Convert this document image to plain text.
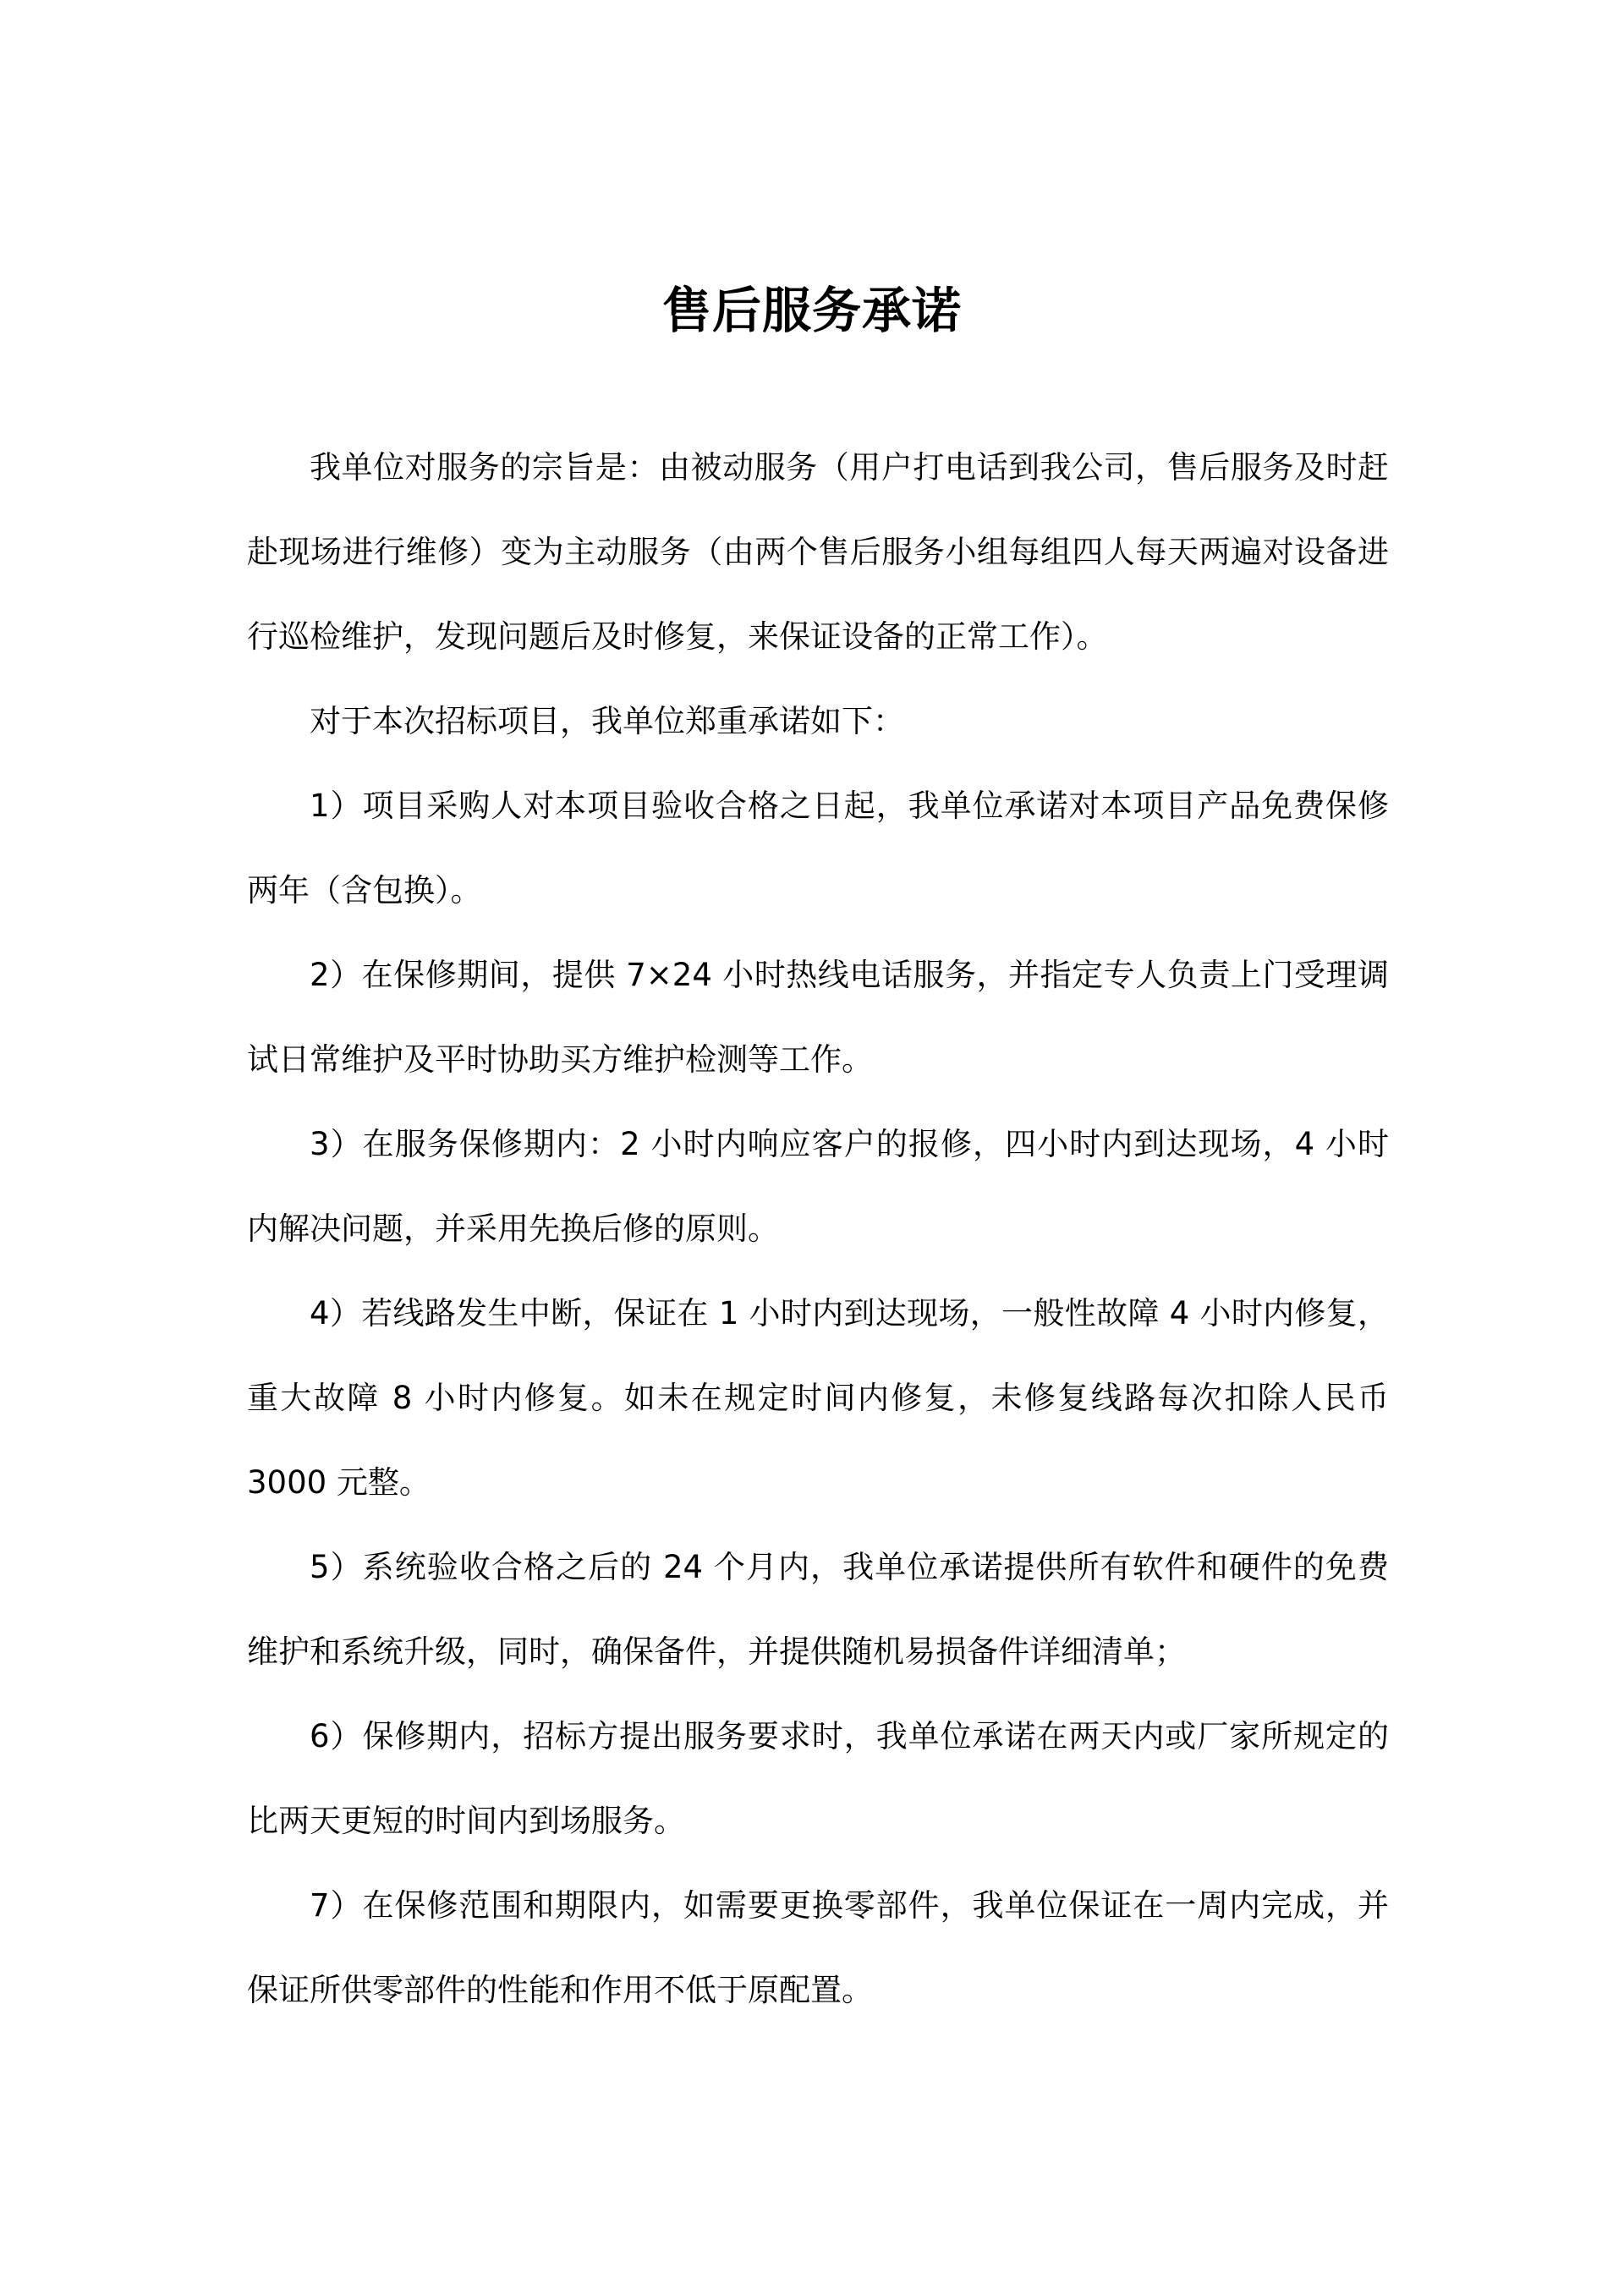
售后服务承诺

我单位对服务的宗旨是：由被动服务（用户打电话到我公司，售后服务及时赶赴现场进行维修）变为主动服务（由两个售后服务小组每组四人每天两遍对设备进行巡检维护，发现问题后及时修复，来保证设备的正常工作）。

对于本次招标项目，我单位郑重承诺如下：

1）项目采购人对本项目验收合格之日起，我单位承诺对本项目产品免费保修两年（含包换）。

2）在保修期间，提供 7×24 小时热线电话服务，并指定专人负责上门受理调试日常维护及平时协助买方维护检测等工作。

3）在服务保修期内：2 小时内响应客户的报修，四小时内到达现场，4 小时内解决问题，并采用先换后修的原则。

4）若线路发生中断，保证在 1 小时内到达现场，一般性故障 4 小时内修复，重大故障 8 小时内修复。如未在规定时间内修复，未修复线路每次扣除人民币 3000 元整。

5）系统验收合格之后的 24 个月内，我单位承诺提供所有软件和硬件的免费维护和系统升级，同时，确保备件，并提供随机易损备件详细清单；

6）保修期内，招标方提出服务要求时，我单位承诺在两天内或厂家所规定的比两天更短的时间内到场服务。

7）在保修范围和期限内，如需要更换零部件，我单位保证在一周内完成，并保证所供零部件的性能和作用不低于原配置。
